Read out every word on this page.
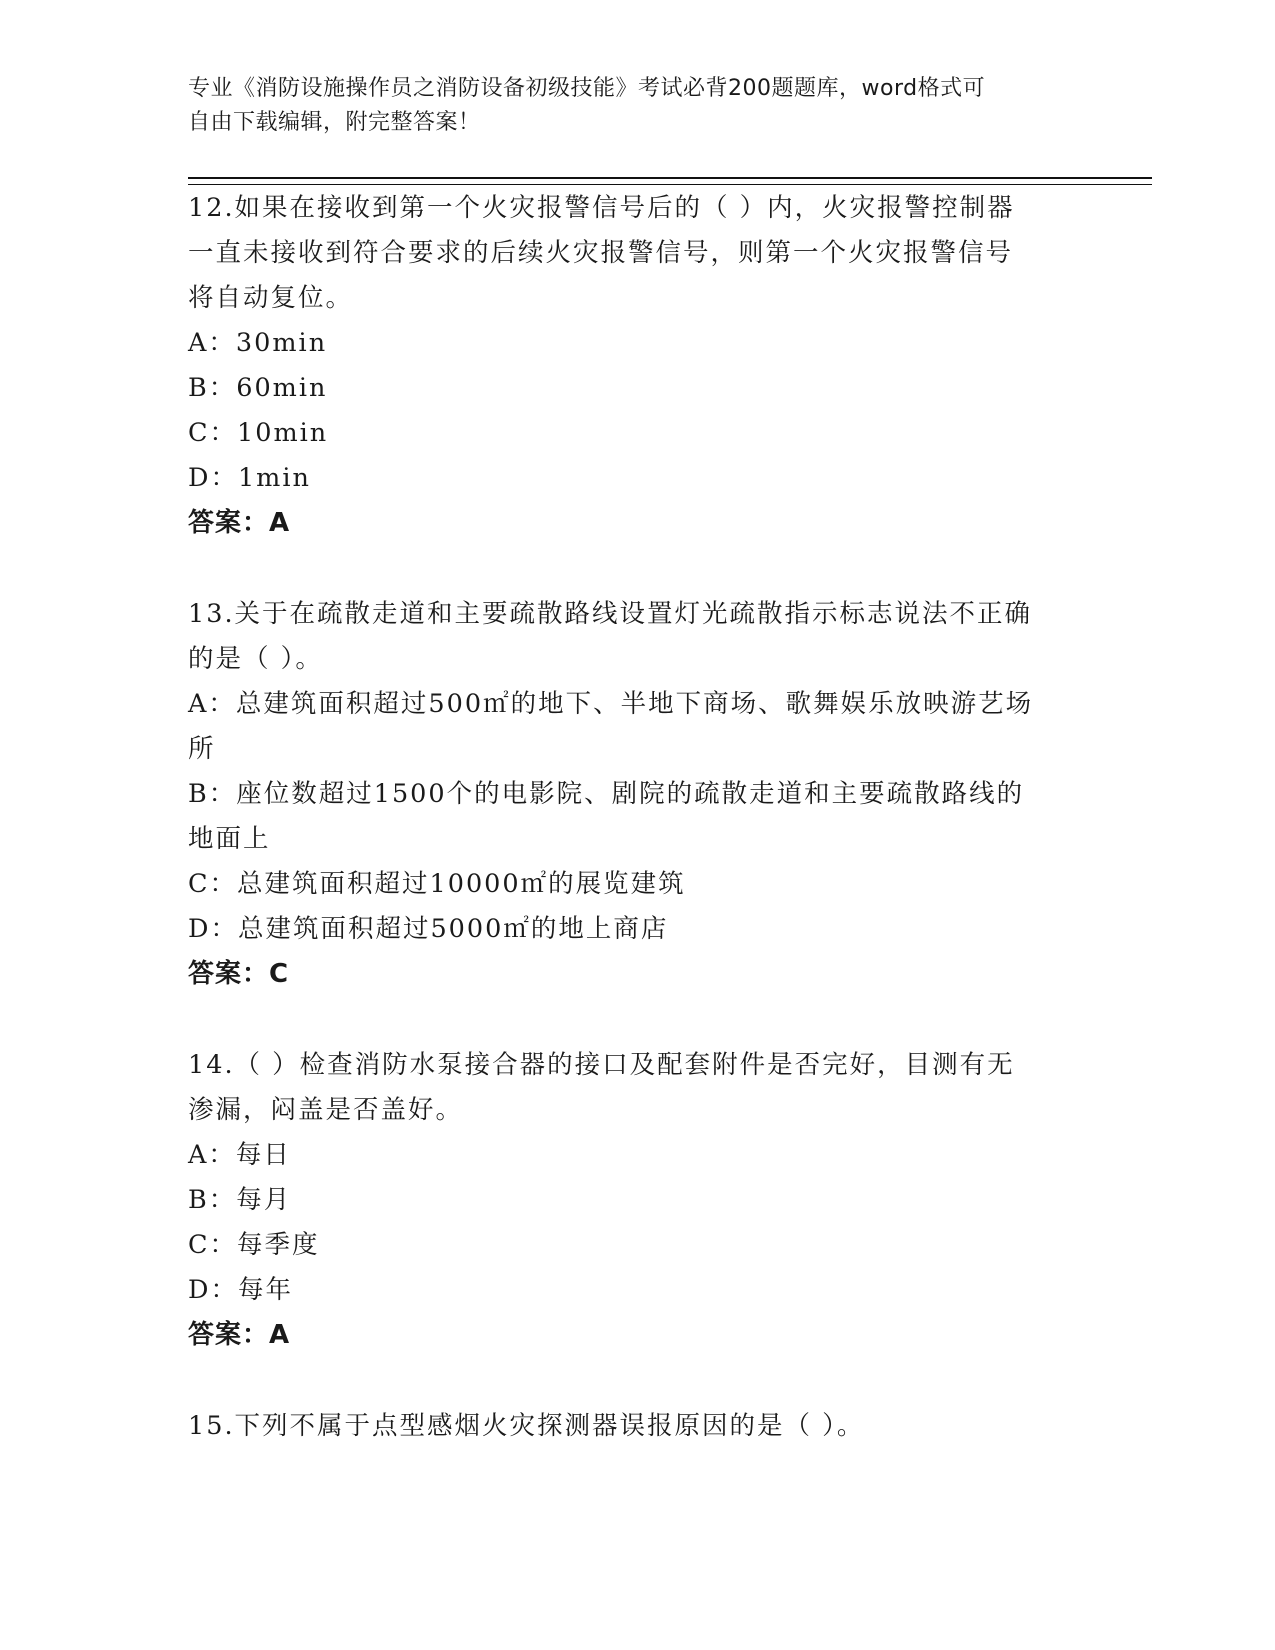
专业《消防设施操作员之消防设备初级技能》考试必背200题题库，word格式可
自由下载编辑，附完整答案！
12.如果在接收到第一个火灾报警信号后的（ ）内，火灾报警控制器
一直未接收到符合要求的后续火灾报警信号，则第一个火灾报警信号
将自动复位。
A：30min
B：60min
C：10min
D：1min
答案：A
13.关于在疏散走道和主要疏散路线设置灯光疏散指示标志说法不正确
的是（ ）。
A：总建筑面积超过500㎡的地下、半地下商场、歌舞娱乐放映游艺场
所
B：座位数超过1500个的电影院、剧院的疏散走道和主要疏散路线的
地面上
C：总建筑面积超过10000㎡的展览建筑
D：总建筑面积超过5000㎡的地上商店
答案：C
14.（ ）检查消防水泵接合器的接口及配套附件是否完好，目测有无
渗漏，闷盖是否盖好。
A：每日
B：每月
C：每季度
D：每年
答案：A
15.下列不属于点型感烟火灾探测器误报原因的是（ ）。
